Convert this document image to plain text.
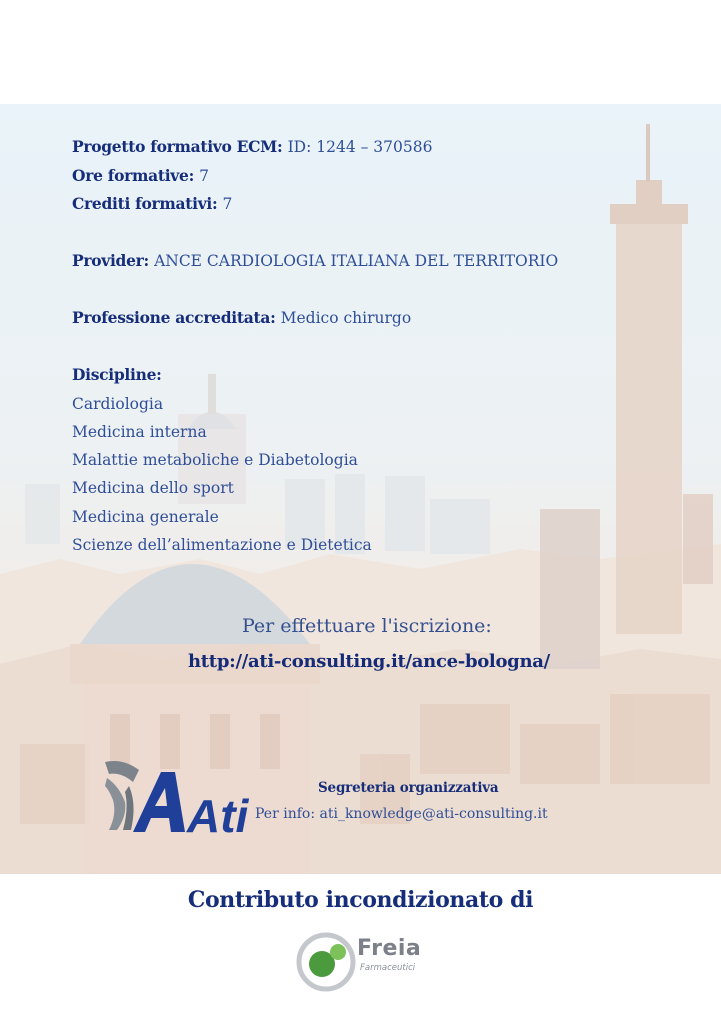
Progetto formativo ECM: ID: 1244 – 370586
Ore formative: 7
Crediti formativi: 7
Provider: ANCE CARDIOLOGIA ITALIANA DEL TERRITORIO
Professione accreditata: Medico chirurgo
Discipline:
Cardiologia
Medicina interna
Malattie metaboliche e Diabetologia
Medicina dello sport
Medicina generale
Scienze dell’alimentazione e Dietetica
Per effettuare l'iscrizione:
http://ati-consulting.it/ance-bologna/
Ati
Segreteria organizzativa
Per info: ati_knowledge@ati-consulting.it
Contributo incondizionato di
Freia
Farmaceutici
